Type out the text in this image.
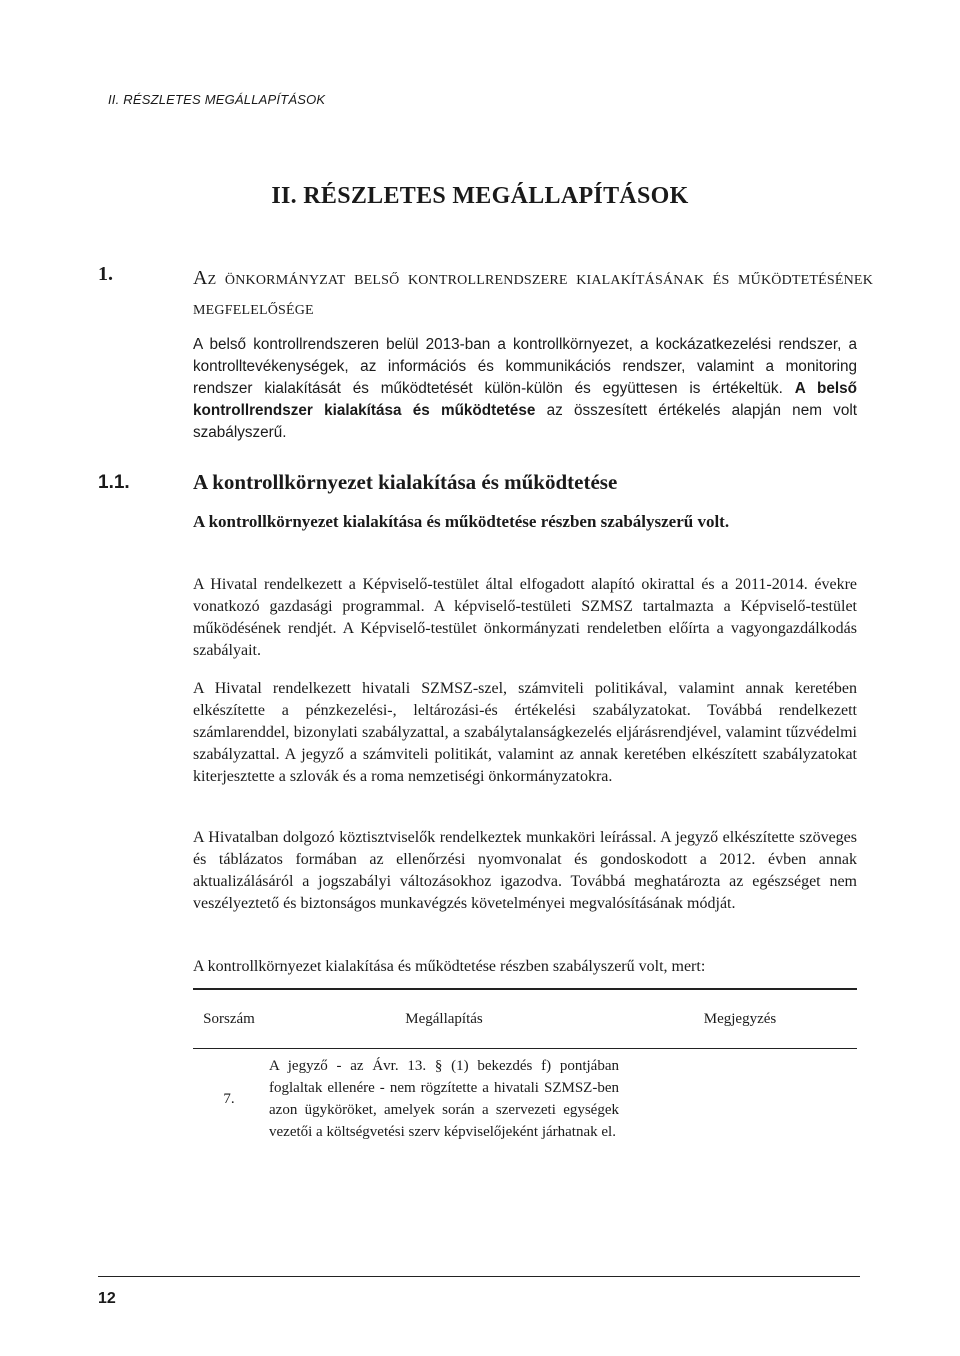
II. RÉSZLETES MEGÁLLAPÍTÁSOK
II. RÉSZLETES MEGÁLLAPÍTÁSOK
1.	Az önkormányzat belső kontrollrendszere kialakításának és működtetésének megfelelősége
A belső kontrollrendszeren belül 2013-ban a kontrollkörnyezet, a kockázatkezelési rendszer, a kontrolltevékenységek, az információs és kommunikációs rendszer, valamint a monitoring rendszer kialakítását és működtetését külön-külön és együttesen is értékeltük. A belső kontrollrendszer kialakítása és működtetése az összesített értékelés alapján nem volt szabályszerű.
1.1.	A kontrollkörnyezet kialakítása és működtetése
A kontrollkörnyezet kialakítása és működtetése részben szabályszerű volt.
A Hivatal rendelkezett a Képviselő-testület által elfogadott alapító okirattal és a 2011-2014. évekre vonatkozó gazdasági programmal. A képviselő-testületi SZMSZ tartalmazta a Képviselő-testület működésének rendjét. A Képviselő-testület önkormányzati rendeletben előírta a vagyongazdálkodás szabályait.
A Hivatal rendelkezett hivatali SZMSZ-szel, számviteli politikával, valamint annak keretében elkészítette a pénzkezelési-, leltározási-és értékelési szabályzatokat. Továbbá rendelkezett számlarenddel, bizonylati szabályzattal, a szabálytalanságkezelés eljárásrendjével, valamint tűzvédelmi szabályzattal. A jegyző a számviteli politikát, valamint az annak keretében elkészített szabályzatokat kiterjesztette a szlovák és a roma nemzetiségi önkormányzatokra.
A Hivatalban dolgozó köztisztviselők rendelkeztek munkaköri leírással. A jegyző elkészítette szöveges és táblázatos formában az ellenőrzési nyomvonalat és gondoskodott a 2012. évben annak aktualizálásáról a jogszabályi változásokhoz igazodva. Továbbá meghatározta az egészséget nem veszélyeztető és biztonságos munkavégzés követelményei megvalósításának módját.
A kontrollkörnyezet kialakítása és működtetése részben szabályszerű volt, mert:
Sorszám	Megállapítás	Megjegyzés
7.	A jegyző - az Ávr. 13. § (1) bekezdés f) pontjában foglaltak ellenére - nem rögzítette a hivatali SZMSZ-ben azon ügyköröket, amelyek során a szervezeti egységek vezetői a költségvetési szerv képviselőjeként járhatnak el.	
12
